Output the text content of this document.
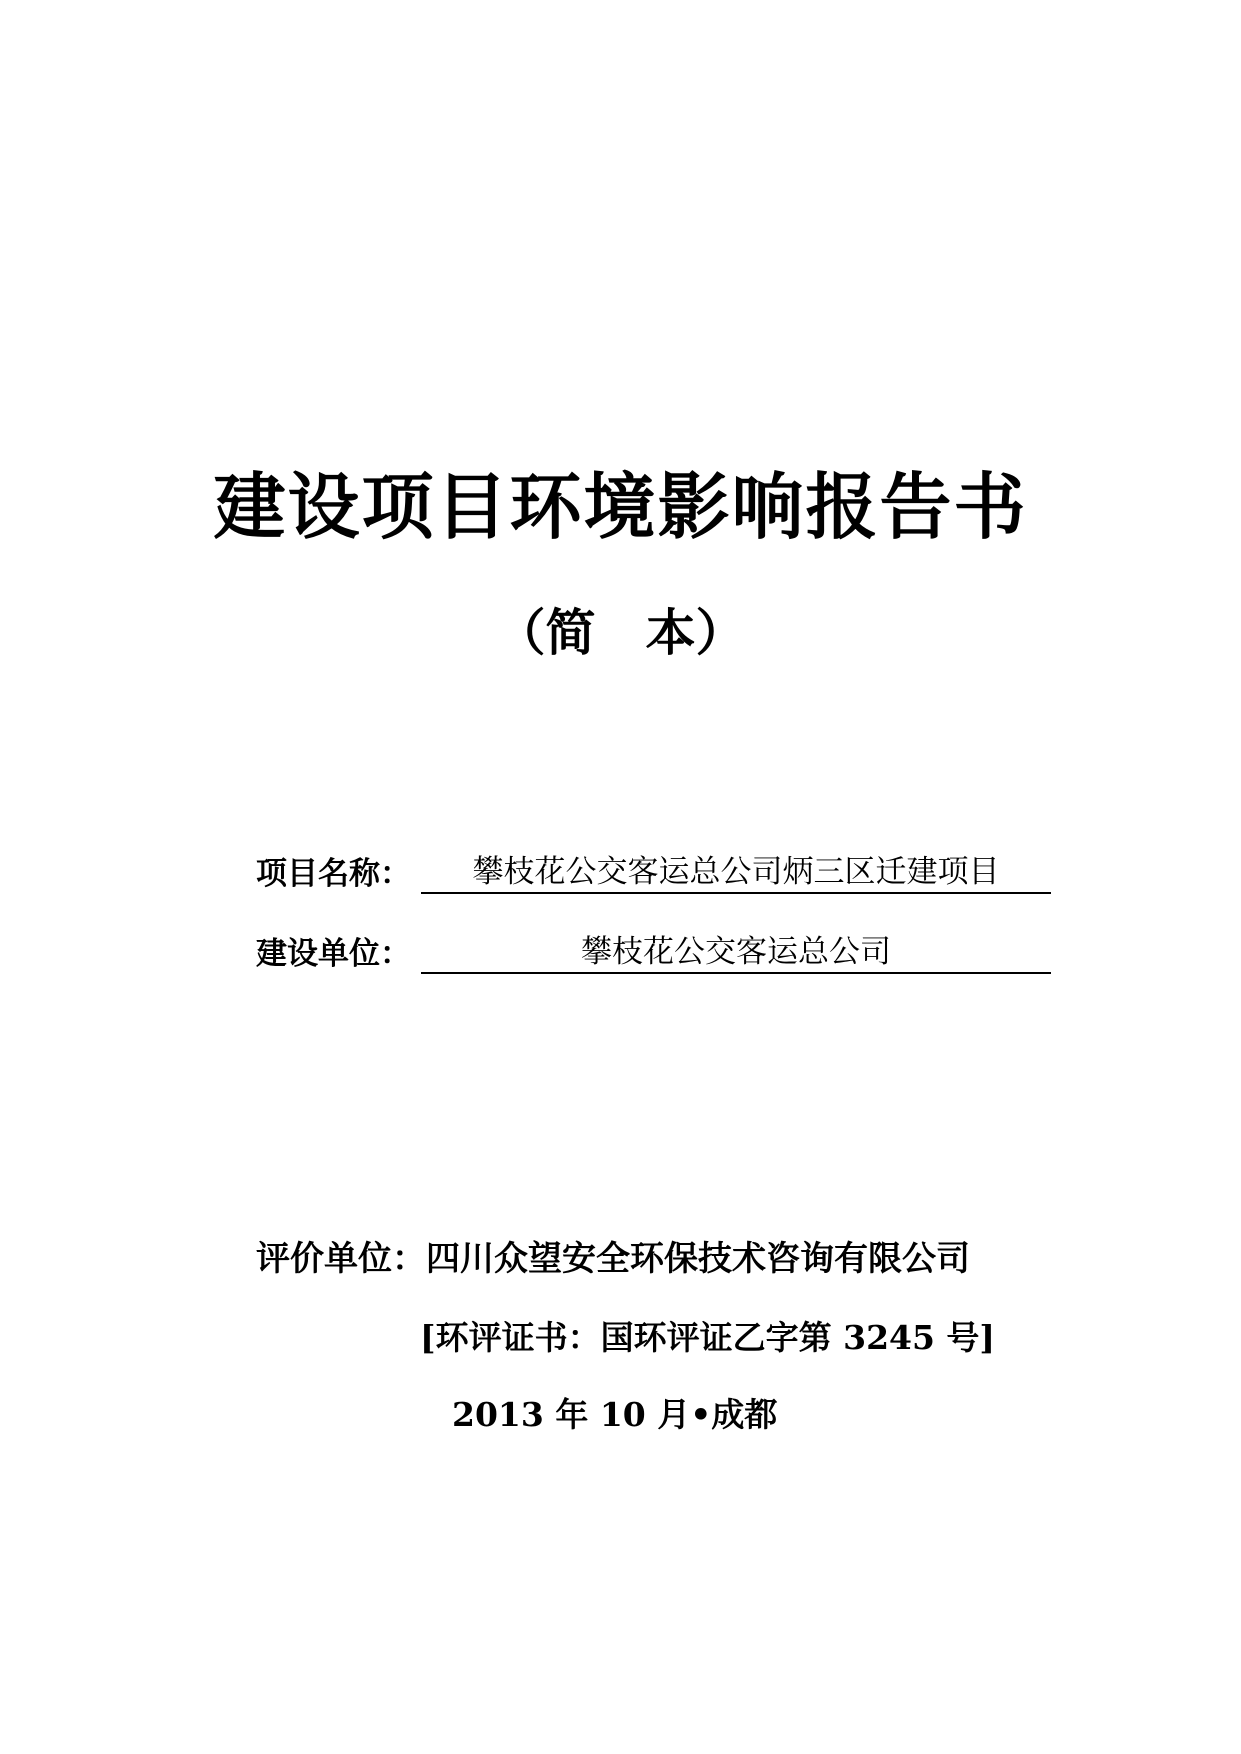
建设项目环境影响报告书
（简　本）
项目名称：	攀枝花公交客运总公司炳三区迁建项目
建设单位：	攀枝花公交客运总公司
评价单位：四川众望安全环保技术咨询有限公司
[环评证书：国环评证乙字第 3245 号]
2013 年 10 月•成都
